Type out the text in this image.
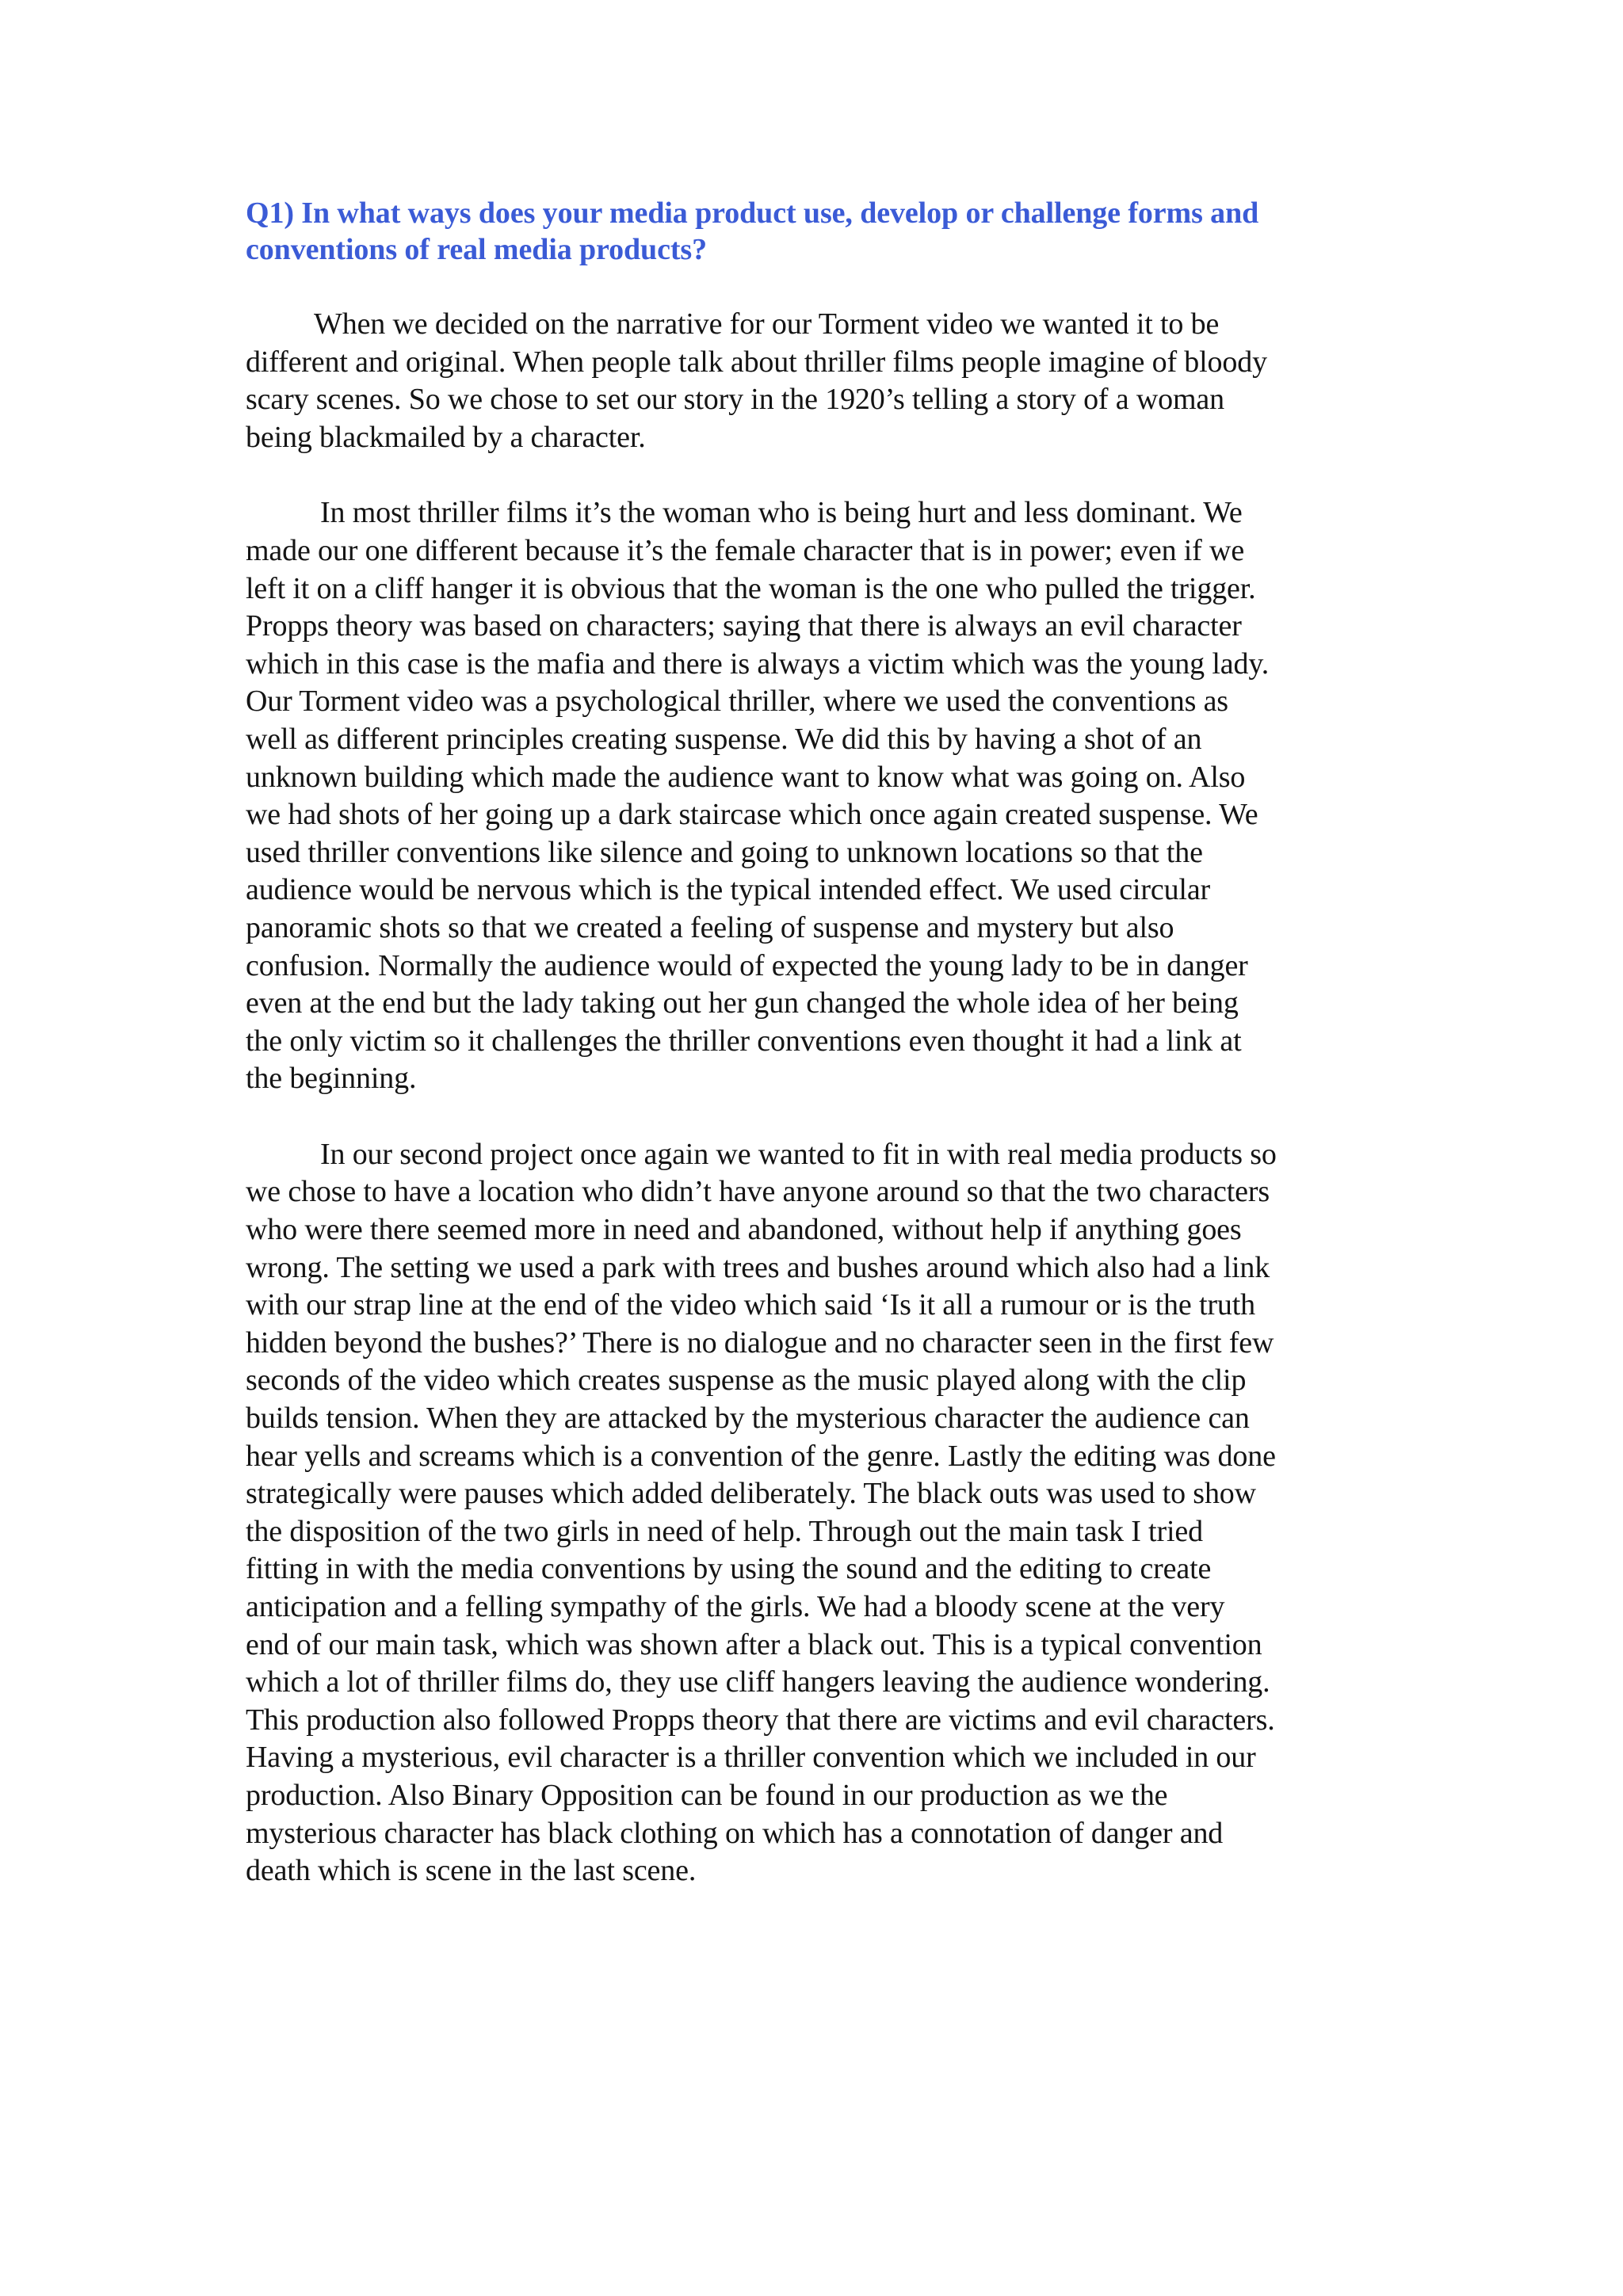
Q1) In what ways does your media product use, develop or challenge forms and
conventions of real media products?

When we decided on the narrative for our Torment video we wanted it to be
different and original. When people talk about thriller films people imagine of bloody
scary scenes. So we chose to set our story in the 1920’s telling a story of a woman
being blackmailed by a character.

In most thriller films it’s the woman who is being hurt and less dominant. We
made our one different because it’s the female character that is in power; even if we
left it on a cliff hanger it is obvious that the woman is the one who pulled the trigger.
Propps theory was based on characters; saying that there is always an evil character
which in this case is the mafia and there is always a victim which was the young lady.
Our Torment video was a psychological thriller, where we used the conventions as
well as different principles creating suspense. We did this by having a shot of an
unknown building which made the audience want to know what was going on. Also
we had shots of her going up a dark staircase which once again created suspense. We
used thriller conventions like silence and going to unknown locations so that the
audience would be nervous which is the typical intended effect. We used circular
panoramic shots so that we created a feeling of suspense and mystery but also
confusion. Normally the audience would of expected the young lady to be in danger
even at the end but the lady taking out her gun changed the whole idea of her being
the only victim so it challenges the thriller conventions even thought it had a link at
the beginning.

In our second project once again we wanted to fit in with real media products so
we chose to have a location who didn’t have anyone around so that the two characters
who were there seemed more in need and abandoned, without help if anything goes
wrong. The setting we used a park with trees and bushes around which also had a link
with our strap line at the end of the video which said ‘Is it all a rumour or is the truth
hidden beyond the bushes?’ There is no dialogue and no character seen in the first few
seconds of the video which creates suspense as the music played along with the clip
builds tension. When they are attacked by the mysterious character the audience can
hear yells and screams which is a convention of the genre. Lastly the editing was done
strategically were pauses which added deliberately. The black outs was used to show
the disposition of the two girls in need of help. Through out the main task I tried
fitting in with the media conventions by using the sound and the editing to create
anticipation and a felling sympathy of the girls. We had a bloody scene at the very
end of our main task, which was shown after a black out. This is a typical convention
which a lot of thriller films do, they use cliff hangers leaving the audience wondering.
This production also followed Propps theory that there are victims and evil characters.
Having a mysterious, evil character is a thriller convention which we included in our
production. Also Binary Opposition can be found in our production as we the
mysterious character has black clothing on which has a connotation of danger and
death which is scene in the last scene.
